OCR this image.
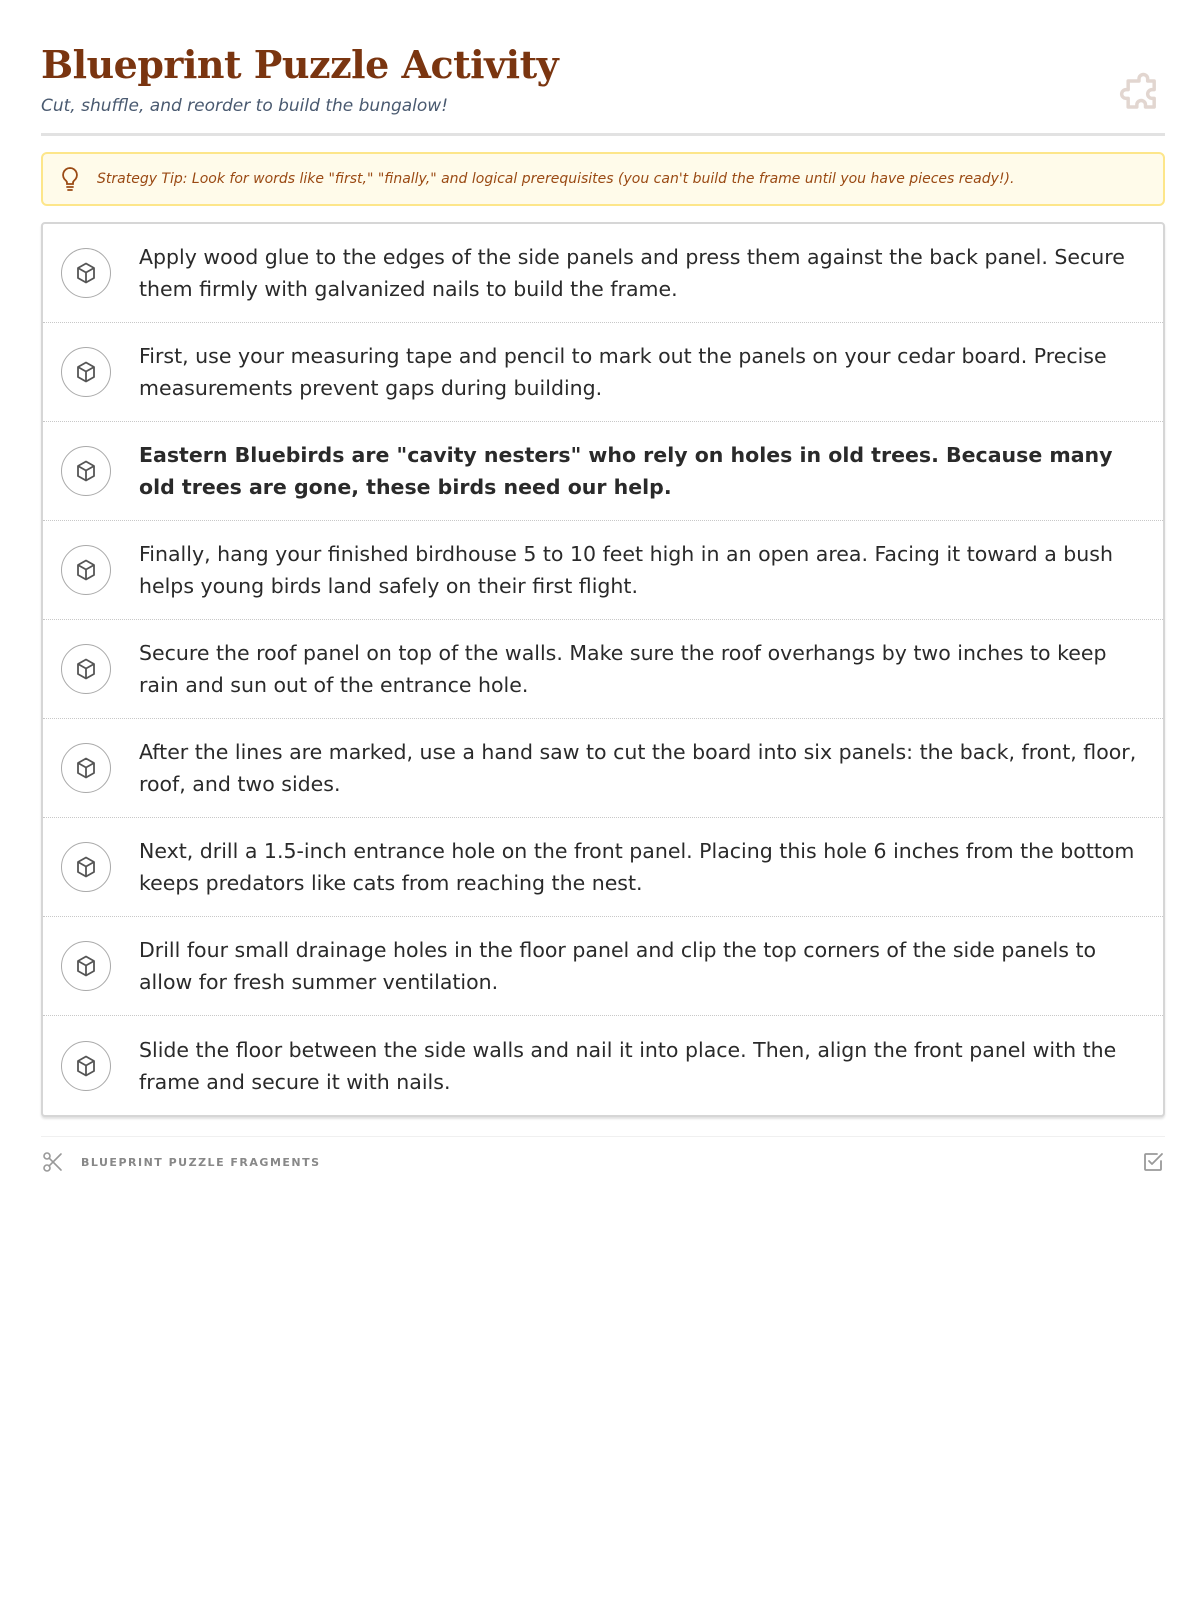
Blueprint Puzzle Activity
Cut, shuffle, and reorder to build the bungalow!
Strategy Tip: Look for words like "first," "finally," and logical prerequisites (you can't build the frame until you have pieces ready!).
Apply wood glue to the edges of the side panels and press them against the back panel. Secure them firmly with galvanized nails to build the frame.
First, use your measuring tape and pencil to mark out the panels on your cedar board. Precise measurements prevent gaps during building.
Eastern Bluebirds are "cavity nesters" who rely on holes in old trees. Because many old trees are gone, these birds need our help.
Finally, hang your finished birdhouse 5 to 10 feet high in an open area. Facing it toward a bush helps young birds land safely on their first flight.
Secure the roof panel on top of the walls. Make sure the roof overhangs by two inches to keep rain and sun out of the entrance hole.
After the lines are marked, use a hand saw to cut the board into six panels: the back, front, floor, roof, and two sides.
Next, drill a 1.5-inch entrance hole on the front panel. Placing this hole 6 inches from the bottom keeps predators like cats from reaching the nest.
Drill four small drainage holes in the floor panel and clip the top corners of the side panels to allow for fresh summer ventilation.
Slide the floor between the side walls and nail it into place. Then, align the front panel with the frame and secure it with nails.
BLUEPRINT PUZZLE FRAGMENTS
